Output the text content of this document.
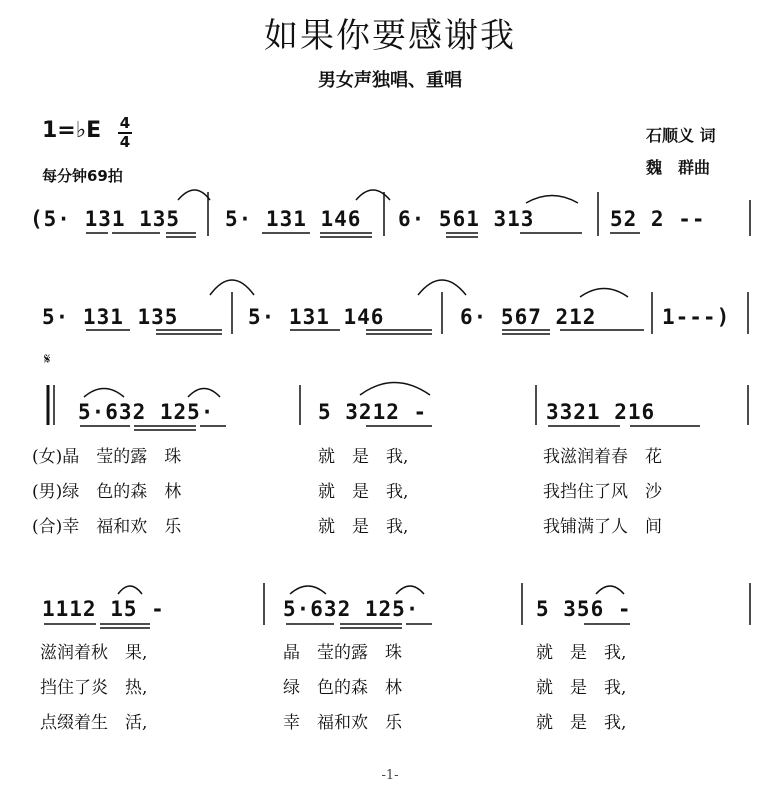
如果你要感谢我
男女声独唱、重唱
1=♭E 4
4
每分钟69拍
石顺义 词
魏　群曲
(5· 131 135 5· 131 146 6· 561 313	52 2 --
5· 131 135	5· 131 146	6· 567 212	1---)
𝄋
5·632 125·	5 3212 -	3321 216
(女)晶　莹的露　珠	就　是　我,	我滋润着春　花
(男)绿　色的森　林	就　是　我,	我挡住了风　沙
(合)幸　福和欢　乐	就　是　我,	我铺满了人　间
1112 15 -	5·632 125·	5 356 -
滋润着秋　果,	晶　莹的露　珠	就　是　我,
挡住了炎　热,	绿　色的森　林	就　是　我,
点缀着生　活,	幸　福和欢　乐	就　是　我,
-1-
